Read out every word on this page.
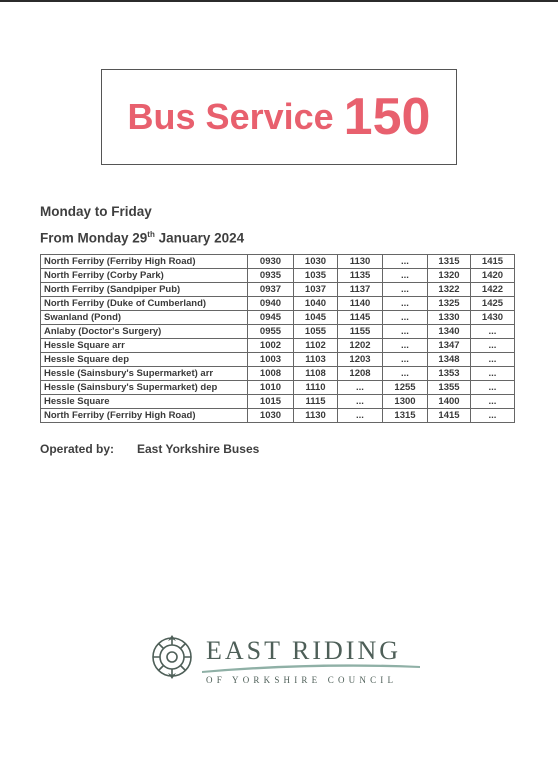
Bus Service 150
Monday to Friday
From Monday 29th January 2024
North Ferriby (Ferriby High Road)	0930	1030	1130	...	1315	1415
North Ferriby (Corby Park)	0935	1035	1135	...	1320	1420
North Ferriby (Sandpiper Pub)	0937	1037	1137	...	1322	1422
North Ferriby (Duke of Cumberland)	0940	1040	1140	...	1325	1425
Swanland (Pond)	0945	1045	1145	...	1330	1430
Anlaby (Doctor's Surgery)	0955	1055	1155	...	1340	...
Hessle Square arr	1002	1102	1202	...	1347	...
Hessle Square dep	1003	1103	1203	...	1348	...
Hessle (Sainsbury's Supermarket) arr	1008	1108	1208	...	1353	...
Hessle (Sainsbury's Supermarket) dep	1010	1110	...	1255	1355	...
Hessle Square	1015	1115	...	1300	1400	...
North Ferriby (Ferriby High Road)	1030	1130	...	1315	1415	...
Operated by: East Yorkshire Buses
EAST RIDING
OF YORKSHIRE COUNCIL
